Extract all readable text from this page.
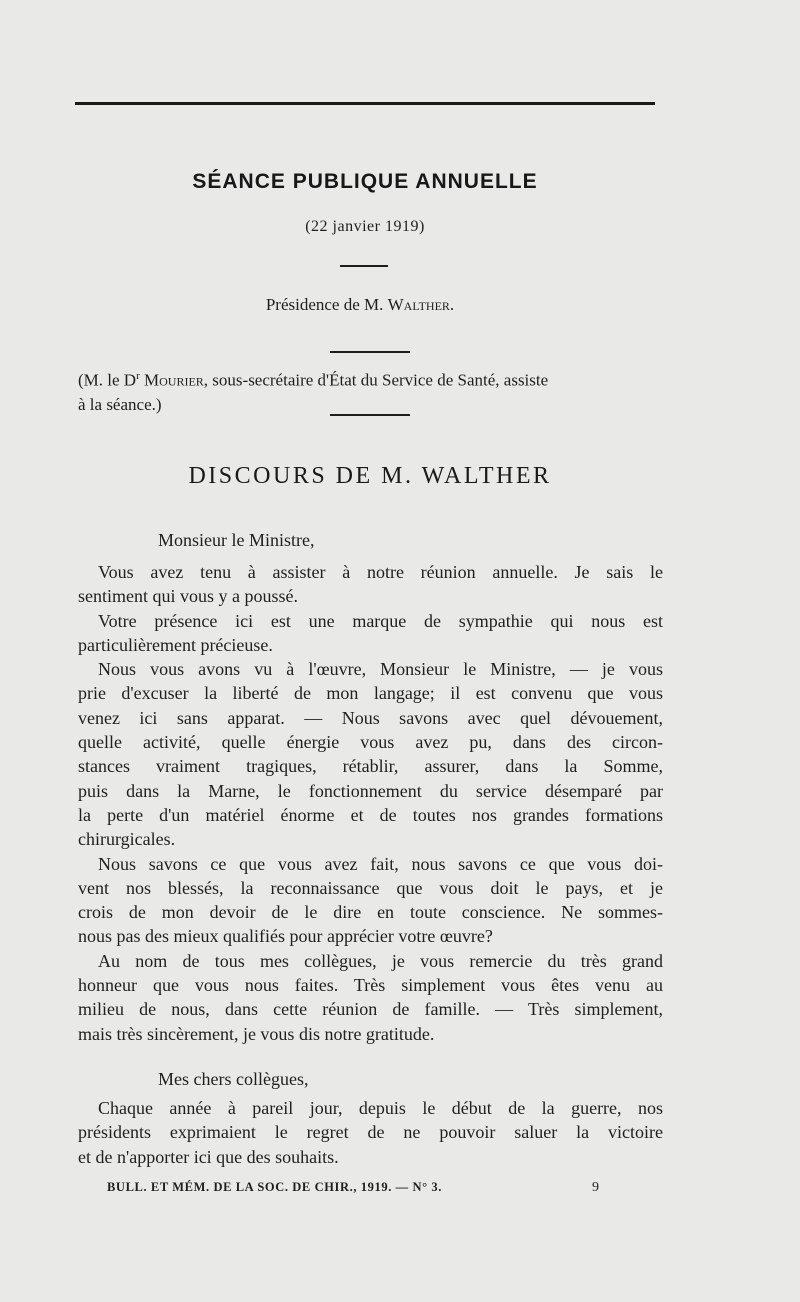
SÉANCE PUBLIQUE ANNUELLE
(22 janvier 1919)
Présidence de M. Walther.
(M. le $D^r$ Mourier, sous-secrétaire d'État du Service de Santé, assiste
à la séance.)
DISCOURS DE M. WALTHER
Monsieur le Ministre,
Vous avez tenu à assister à notre réunion annuelle. Je sais le
sentiment qui vous y a poussé.
Votre présence ici est une marque de sympathie qui nous est
particulièrement précieuse.
Nous vous avons vu à l'œuvre, Monsieur le Ministre, — je vous
prie d'excuser la liberté de mon langage; il est convenu que vous
venez ici sans apparat. — Nous savons avec quel dévouement,
quelle activité, quelle énergie vous avez pu, dans des circon-
stances vraiment tragiques, rétablir, assurer, dans la Somme,
puis dans la Marne, le fonctionnement du service désemparé par
la perte d'un matériel énorme et de toutes nos grandes formations
chirurgicales.
Nous savons ce que vous avez fait, nous savons ce que vous doi-
vent nos blessés, la reconnaissance que vous doit le pays, et je
crois de mon devoir de le dire en toute conscience. Ne sommes-
nous pas des mieux qualifiés pour apprécier votre œuvre?
Au nom de tous mes collègues, je vous remercie du très grand
honneur que vous nous faites. Très simplement vous êtes venu au
milieu de nous, dans cette réunion de famille. — Très simplement,
mais très sincèrement, je vous dis notre gratitude.
Mes chers collègues,
Chaque année à pareil jour, depuis le début de la guerre, nos
présidents exprimaient le regret de ne pouvoir saluer la victoire
et de n'apporter ici que des souhaits.
BULL. ET MÉM. DE LA SOC. DE CHIR., 1919. — N° 3.	9
